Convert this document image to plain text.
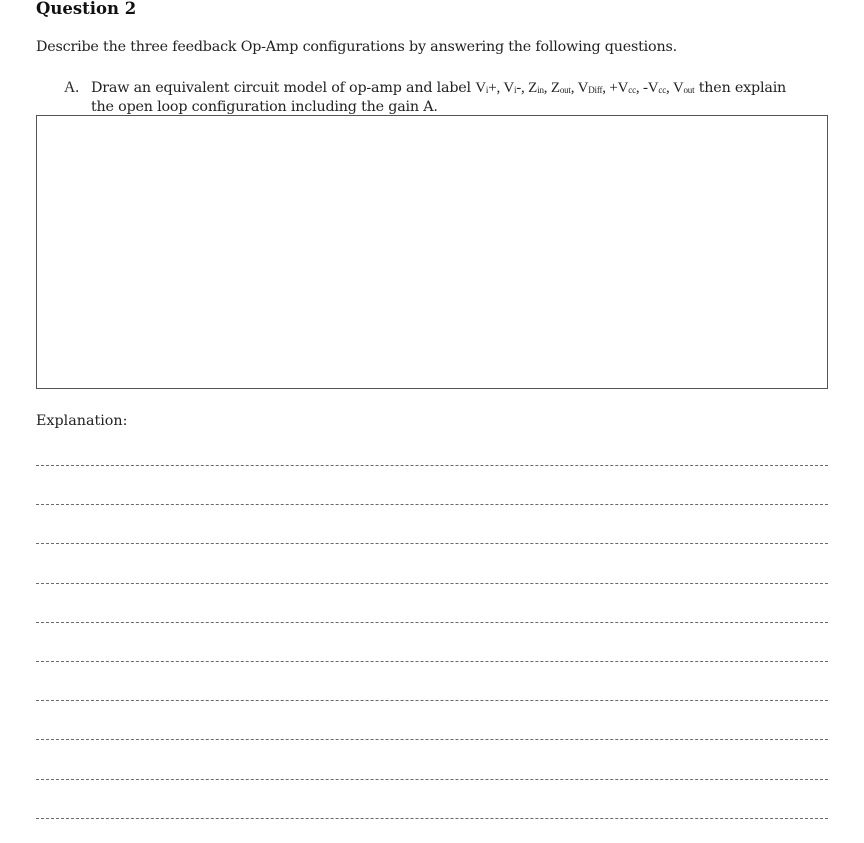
Question 2
Describe the three feedback Op-Amp configurations by answering the following questions.
A. Draw an equivalent circuit model of op-amp and label $V_i+$, $V_i-$, $Z_{in}$, $Z_{out}$, $V_{Diff}$, $+V_{cc}$, $-V_{cc}$, $V_{out}$ then explain
the open loop configuration including the gain A.
Explanation:
